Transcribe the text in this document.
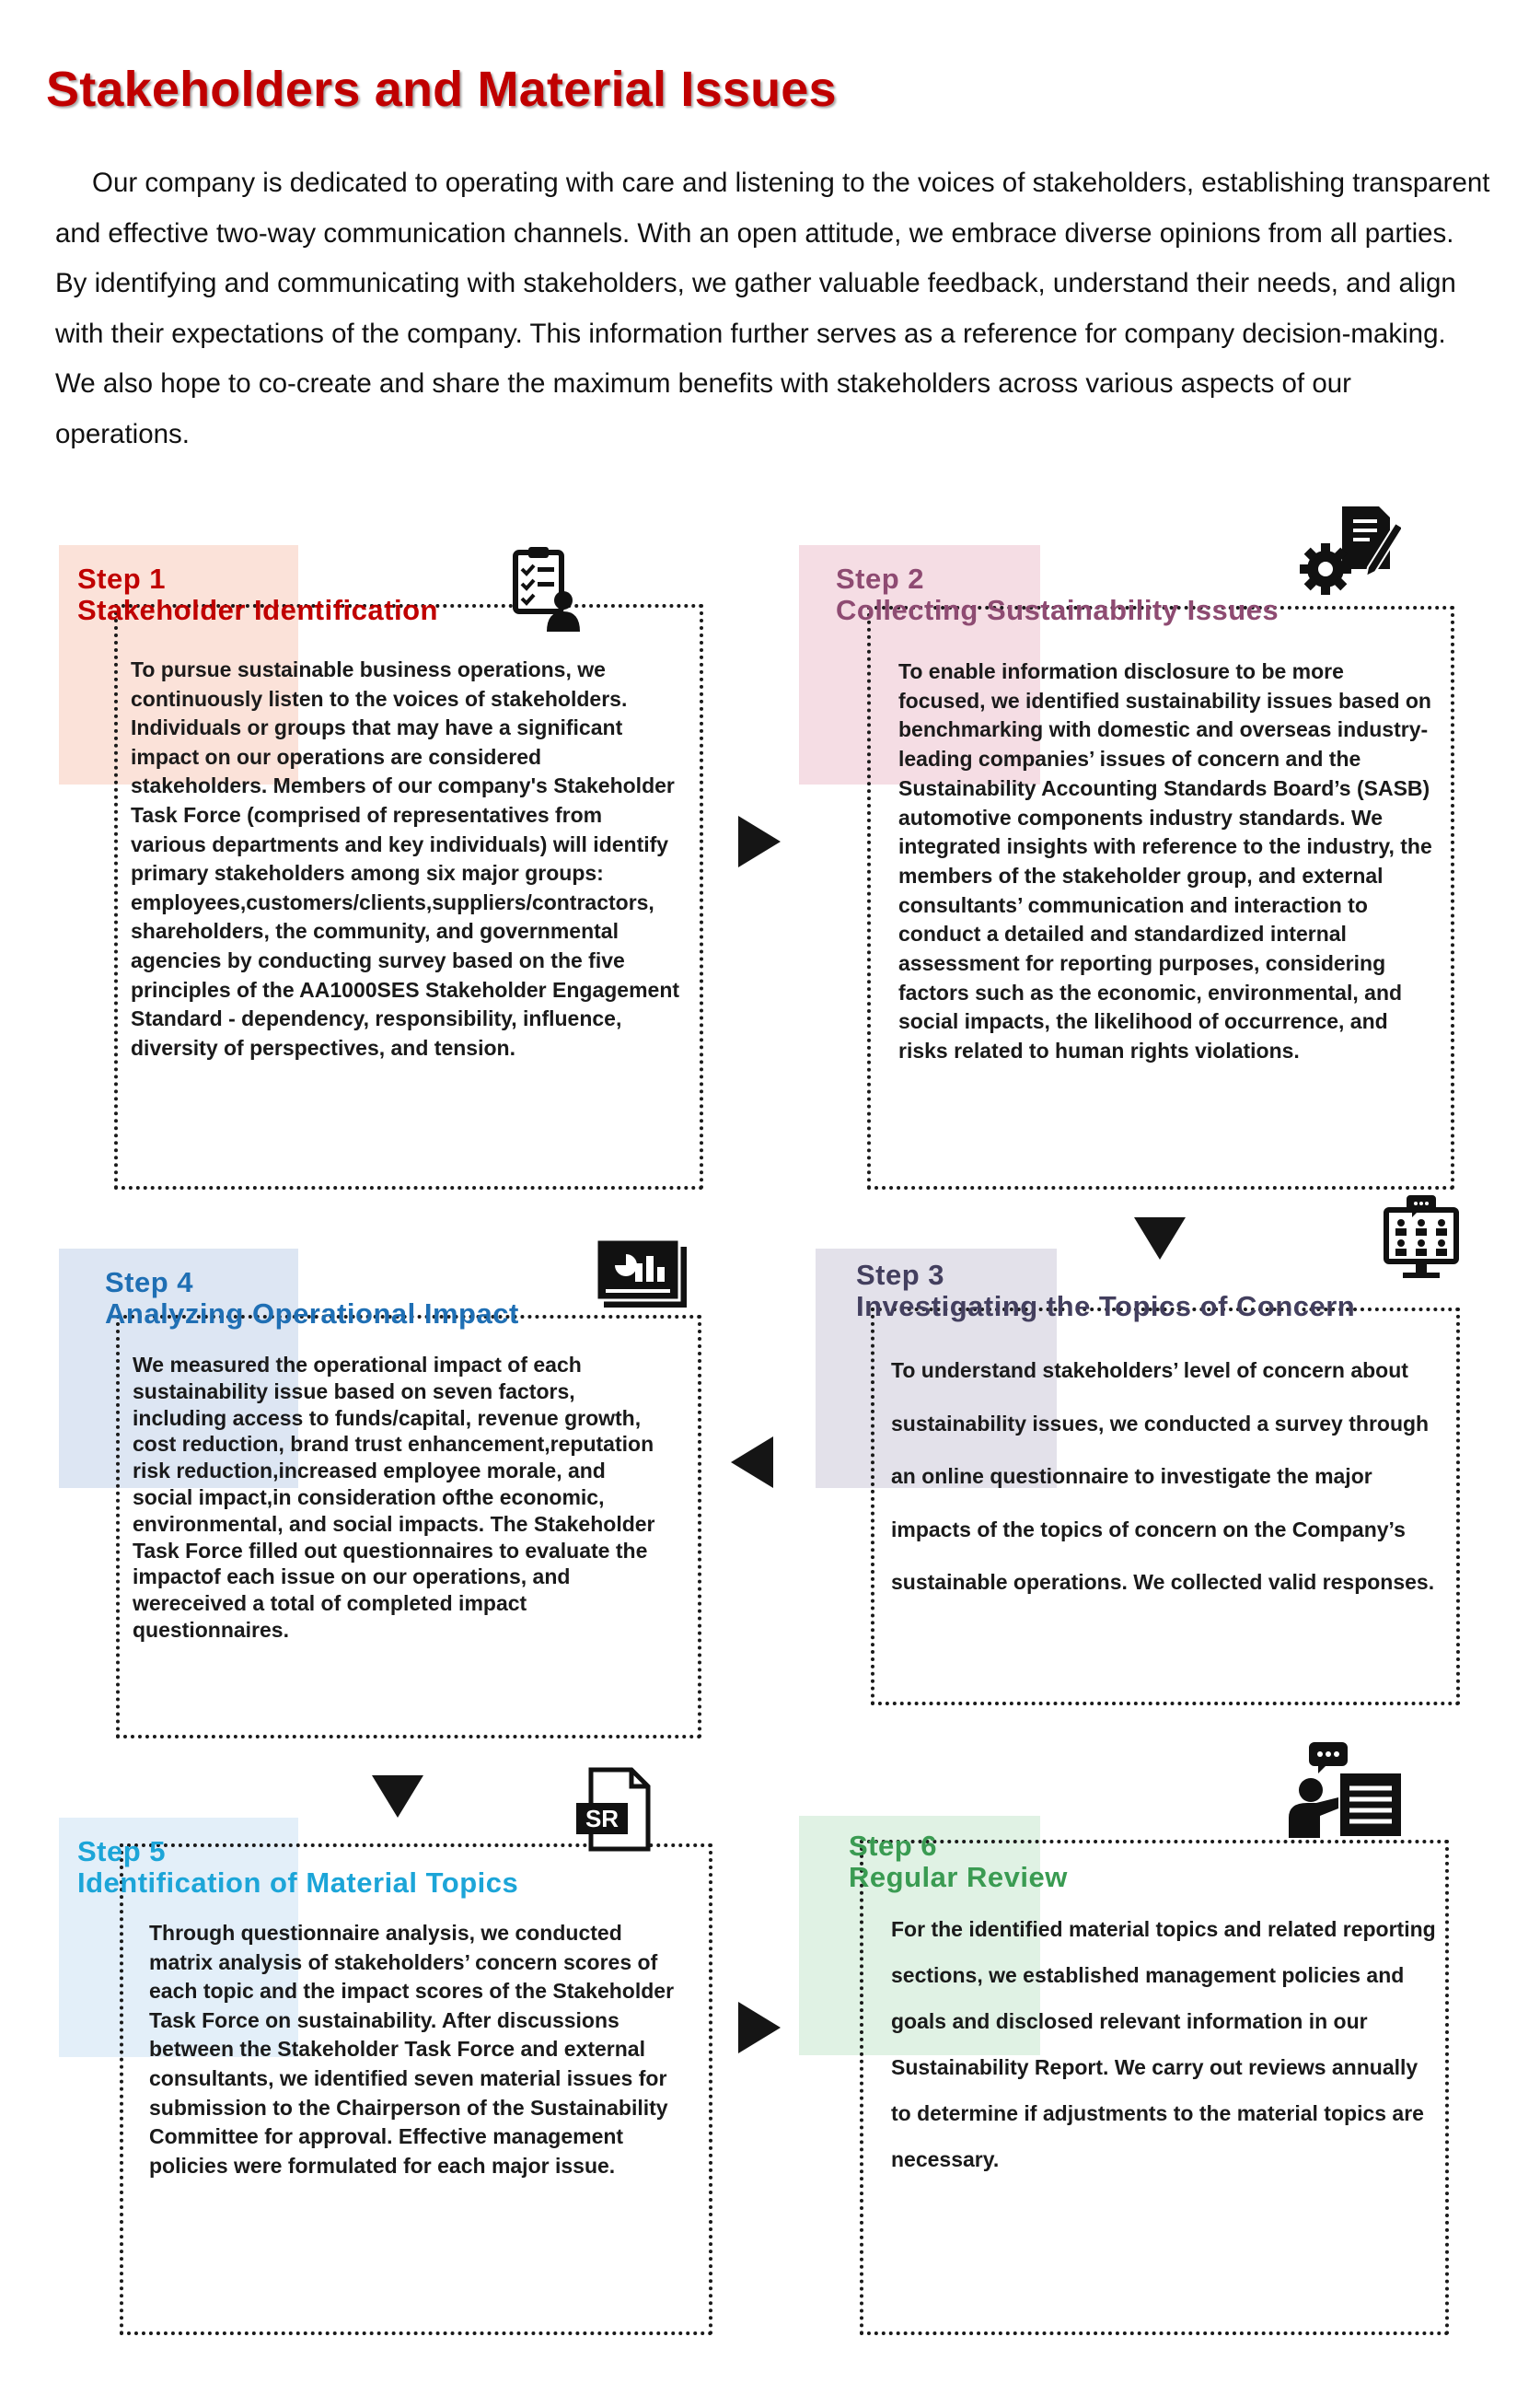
Stakeholders and Material Issues

Our company is dedicated to operating with care and listening to the voices of stakeholders, establishing transparent and effective two-way communication channels. With an open attitude, we embrace diverse opinions from all parties. By identifying and communicating with stakeholders, we gather valuable feedback, understand their needs, and align with their expectations of the company. This information further serves as a reference for company decision-making. We also hope to co-create and share the maximum benefits with stakeholders across various aspects of our operations.

Step 1
Stakeholder Identification

To pursue sustainable business operations, we continuously listen to the voices of stakeholders. Individuals or groups that may have a significant impact on our operations are considered stakeholders. Members of our company's Stakeholder Task Force (comprised of representatives from various departments and key individuals) will identify primary stakeholders among six major groups: employees,customers/clients,suppliers/contractors, shareholders, the community, and governmental agencies by conducting survey based on the five principles of the AA1000SES Stakeholder Engagement Standard - dependency, responsibility, influence, diversity of perspectives, and tension.

Step 2
Collecting Sustainability Issues

To enable information disclosure to be more focused, we identified sustainability issues based on benchmarking with domestic and overseas industry-leading companies’ issues of concern and the Sustainability Accounting Standards Board’s (SASB) automotive components industry standards. We integrated insights with reference to the industry, the members of the stakeholder group, and external consultants’ communication and interaction to conduct a detailed and standardized internal assessment for reporting purposes, considering factors such as the economic, environmental, and social impacts, the likelihood of occurrence, and risks related to human rights violations.

Step 4
Analyzing Operational Impact

We measured the operational impact of each sustainability issue based on seven factors, including access to funds/capital, revenue growth, cost reduction, brand trust enhancement,reputation risk reduction,increased employee morale, and social impact,in consideration ofthe economic, environmental, and social impacts. The Stakeholder Task Force filled out questionnaires to evaluate the impactof each issue on our operations, and wereceived a total of completed impact questionnaires.

Step 3
Investigating the Topics of Concern

To understand stakeholders’ level of concern about sustainability issues, we conducted a survey through an online questionnaire to investigate the major impacts of the topics of concern on the Company’s sustainable operations. We collected valid responses.

Step 5
Identification of Material Topics
SR

Through questionnaire analysis, we conducted matrix analysis of stakeholders’ concern scores of each topic and the impact scores of the Stakeholder Task Force on sustainability. After discussions between the Stakeholder Task Force and external consultants, we identified seven material issues for submission to the Chairperson of the Sustainability Committee for approval. Effective management policies were formulated for each major issue.

Step 6
Regular Review

For the identified material topics and related reporting sections, we established management policies and goals and disclosed relevant information in our Sustainability Report. We carry out reviews annually to determine if adjustments to the material topics are necessary.
